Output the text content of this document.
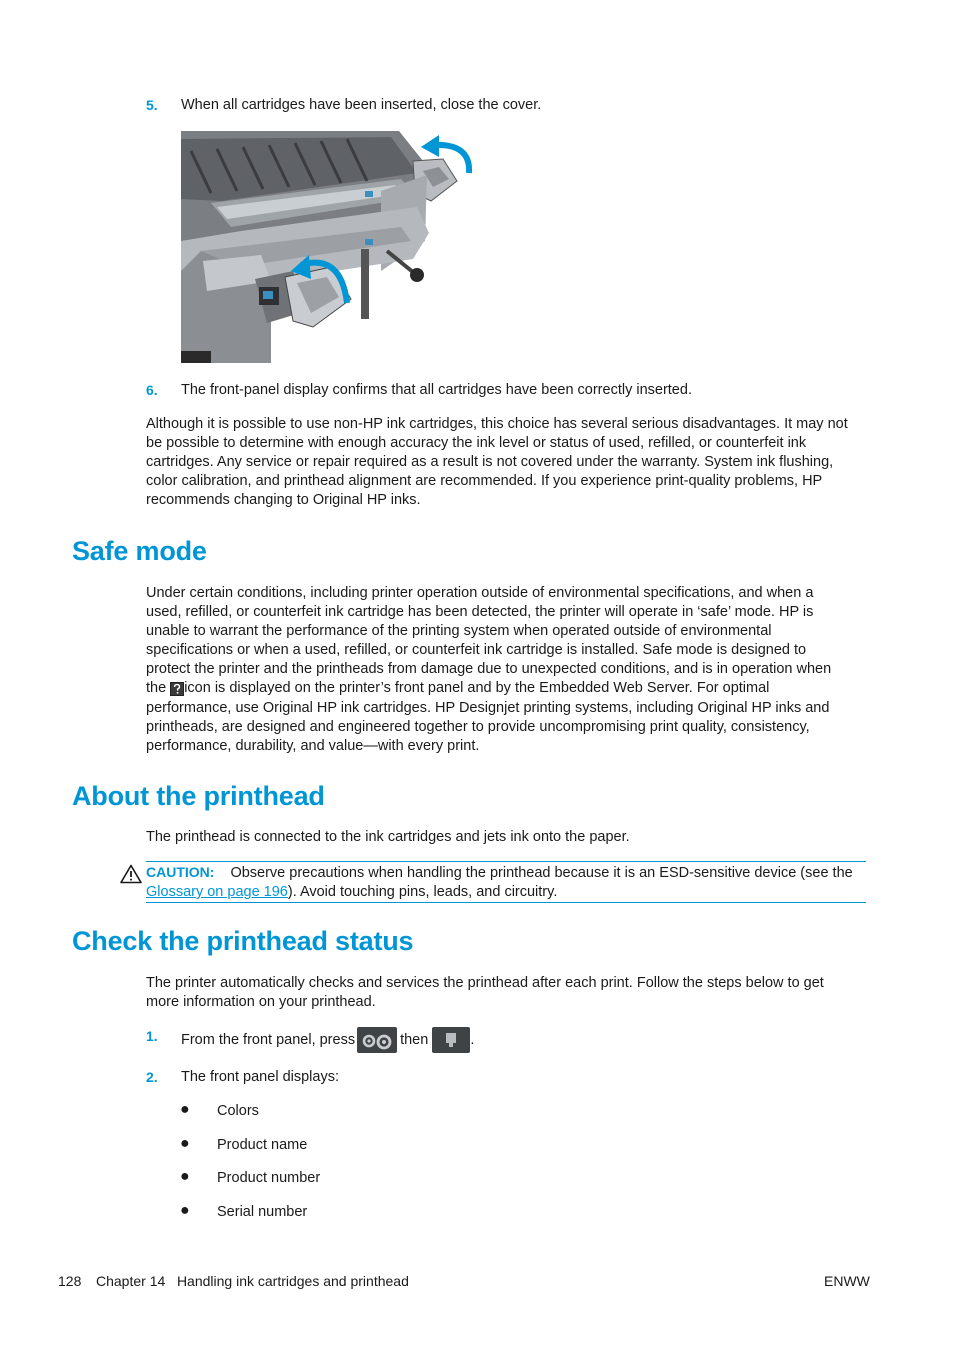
5. When all cartridges have been inserted, close the cover.
6. The front-panel display confirms that all cartridges have been correctly inserted.
Although it is possible to use non-HP ink cartridges, this choice has several serious disadvantages. It may not
be possible to determine with enough accuracy the ink level or status of used, refilled, or counterfeit ink
cartridges. Any service or repair required as a result is not covered under the warranty. System ink flushing,
color calibration, and printhead alignment are recommended. If you experience print-quality problems, HP
recommends changing to Original HP inks.
Safe mode
Under certain conditions, including printer operation outside of environmental specifications, and when a
used, refilled, or counterfeit ink cartridge has been detected, the printer will operate in ‘safe’ mode. HP is
unable to warrant the performance of the printing system when operated outside of environmental
specifications or when a used, refilled, or counterfeit ink cartridge is installed. Safe mode is designed to
protect the printer and the printheads from damage due to unexpected conditions, and is in operation when
the icon is displayed on the printer’s front panel and by the Embedded Web Server. For optimal
performance, use Original HP ink cartridges. HP Designjet printing systems, including Original HP inks and
printheads, are designed and engineered together to provide uncompromising print quality, consistency,
performance, durability, and value—with every print.
About the printhead
The printhead is connected to the ink cartridges and jets ink onto the paper.
CAUTION: Observe precautions when handling the printhead because it is an ESD-sensitive device (see the
Glossary on page 196). Avoid touching pins, leads, and circuitry.
Check the printhead status
The printer automatically checks and services the printhead after each print. Follow the steps below to get
more information on your printhead.
1. From the front panel, press	then	.
2. The front panel displays:
● Colors
● Product name
● Product number
● Serial number
128 Chapter 14   Handling ink cartridges and printhead	ENWW
